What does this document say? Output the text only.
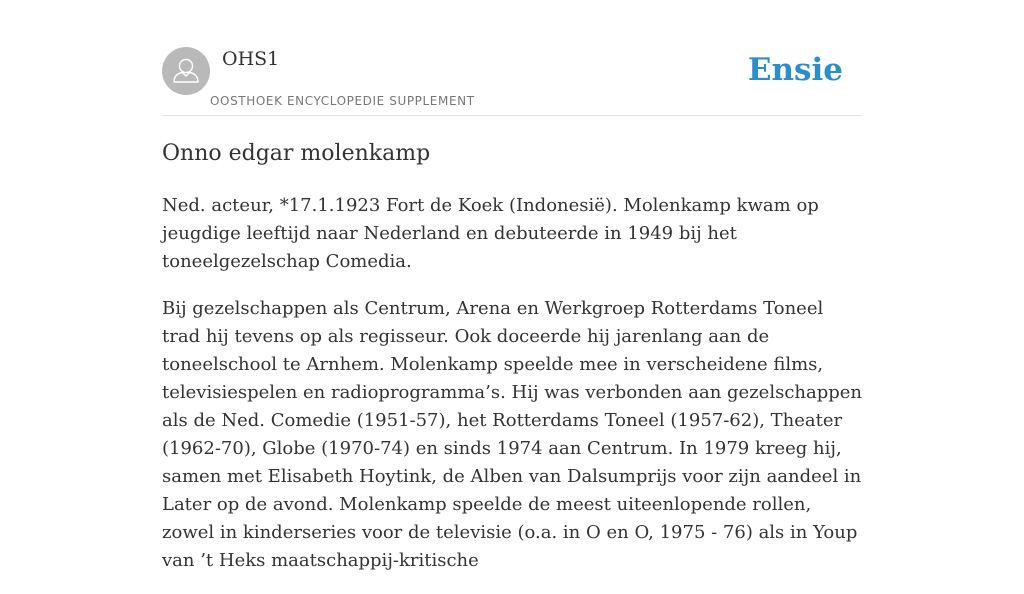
OHS1
OOSTHOEK ENCYCLOPEDIE SUPPLEMENT
Ensie
Onno edgar molenkamp

Ned. acteur, *17.1.1923 Fort de Koek (Indonesië). Molenkamp kwam op jeugdige leeftijd naar Nederland en debuteerde in 1949 bij het toneelgezelschap Comedia.

Bij gezelschappen als Centrum, Arena en Werkgroep Rotterdams Toneel trad hij tevens op als regisseur. Ook doceerde hij jarenlang aan de toneelschool te Arnhem. Molenkamp speelde mee in verscheidene films, televisiespelen en radioprogramma’s. Hij was verbonden aan gezelschappen als de Ned. Comedie (1951-57), het Rotterdams Toneel (1957-62), Theater (1962-70), Globe (1970-74) en sinds 1974 aan Centrum. In 1979 kreeg hij, samen met Elisabeth Hoytink, de Alben van Dalsumprijs voor zijn aandeel in Later op de avond. Molenkamp speelde de meest uiteenlopende rollen, zowel in kinderseries voor de televisie (o.a. in O en O, 1975 - 76) als in Youp van ’t Heks maatschappij-kritische
